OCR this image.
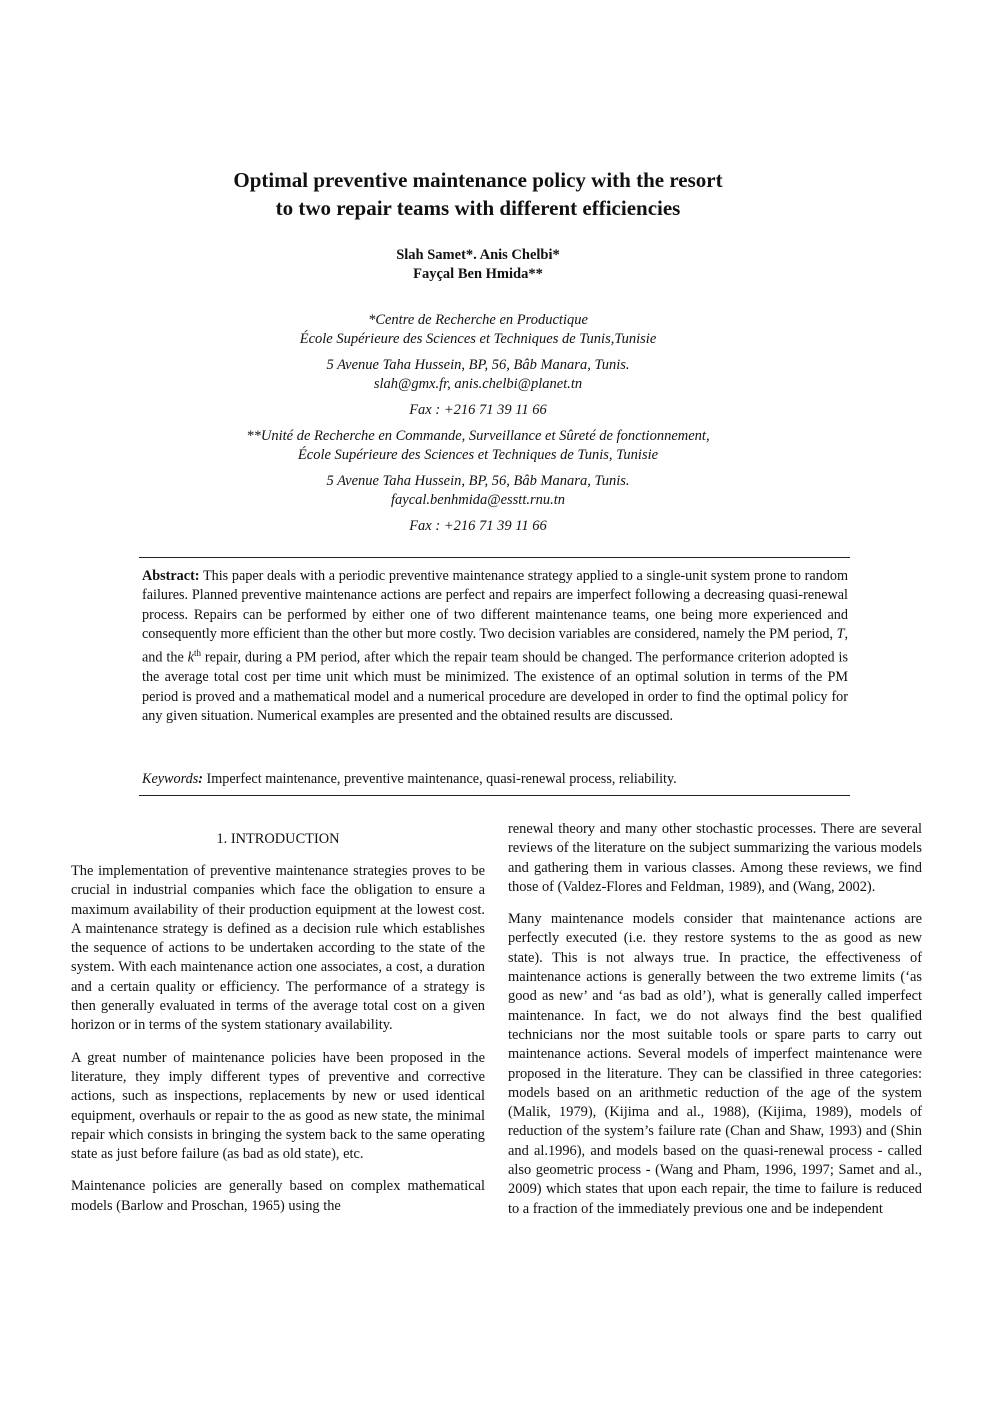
Optimal preventive maintenance policy with the resort
to two repair teams with different efficiencies
Slah Samet*. Anis Chelbi*
Fayçal Ben Hmida**
*Centre de Recherche en Productique
École Supérieure des Sciences et Techniques de Tunis,Tunisie
5 Avenue Taha Hussein, BP, 56, Bâb Manara, Tunis.
slah@gmx.fr, anis.chelbi@planet.tn
Fax : +216 71 39 11 66
**Unité de Recherche en Commande, Surveillance et Sûreté de fonctionnement,
École Supérieure des Sciences et Techniques de Tunis, Tunisie
5 Avenue Taha Hussein, BP, 56, Bâb Manara, Tunis.
faycal.benhmida@esstt.rnu.tn
Fax : +216 71 39 11 66
Abstract: This paper deals with a periodic preventive maintenance strategy applied to a single-unit system prone to random failures. Planned preventive maintenance actions are perfect and repairs are imperfect following a decreasing quasi-renewal process. Repairs can be performed by either one of two different maintenance teams, one being more experienced and consequently more efficient than the other but more costly. Two decision variables are considered, namely the PM period, T, and the $k^{th}$ repair, during a PM period, after which the repair team should be changed. The performance criterion adopted is the average total cost per time unit which must be minimized. The existence of an optimal solution in terms of the PM period is proved and a mathematical model and a numerical procedure are developed in order to find the optimal policy for any given situation. Numerical examples are presented and the obtained results are discussed.
Keywords: Imperfect maintenance, preventive maintenance, quasi-renewal process, reliability.
1. INTRODUCTION

The implementation of preventive maintenance strategies proves to be crucial in industrial companies which face the obligation to ensure a maximum availability of their production equipment at the lowest cost. A maintenance strategy is defined as a decision rule which establishes the sequence of actions to be undertaken according to the state of the system. With each maintenance action one associates, a cost, a duration and a certain quality or efficiency. The performance of a strategy is then generally evaluated in terms of the average total cost on a given horizon or in terms of the system stationary availability.

A great number of maintenance policies have been proposed in the literature, they imply different types of preventive and corrective actions, such as inspections, replacements by new or used identical equipment, overhauls or repair to the as good as new state, the minimal repair which consists in bringing the system back to the same operating state as just before failure (as bad as old state), etc.

Maintenance policies are generally based on complex mathematical models (Barlow and Proschan, 1965) using the

renewal theory and many other stochastic processes. There are several reviews of the literature on the subject summarizing the various models and gathering them in various classes. Among these reviews, we find those of (Valdez-Flores and Feldman, 1989), and (Wang, 2002).

Many maintenance models consider that maintenance actions are perfectly executed (i.e. they restore systems to the as good as new state). This is not always true. In practice, the effectiveness of maintenance actions is generally between the two extreme limits (‘as good as new’ and ‘as bad as old’), what is generally called imperfect maintenance. In fact, we do not always find the best qualified technicians nor the most suitable tools or spare parts to carry out maintenance actions. Several models of imperfect maintenance were proposed in the literature. They can be classified in three categories: models based on an arithmetic reduction of the age of the system (Malik, 1979), (Kijima and al., 1988), (Kijima, 1989), models of reduction of the system’s failure rate (Chan and Shaw, 1993) and (Shin and al.1996), and models based on the quasi-renewal process - called also geometric process - (Wang and Pham, 1996, 1997; Samet and al., 2009) which states that upon each repair, the time to failure is reduced to a fraction of the immediately previous one and be independent
